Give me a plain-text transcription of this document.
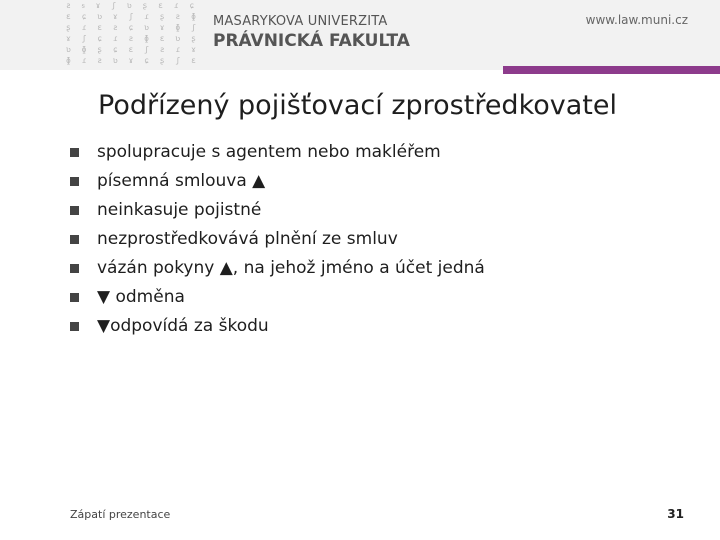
ƨ ᵴ ɤ ʃ ʋ ʂ ɛ ɾ ɕ
ɛ ɕ ʋ ɤ ʃ ɾ ʂ ƨ ɸ
ʂ ɾ ɛ ƨ ɕ ʋ ɤ ɸ ʃ
ɤ ʃ ɕ ɾ ƨ ɸ ɛ ʋ ʂ
ʋ ɸ ʂ ɕ ɛ ʃ ƨ ɾ ɤ
ɸ ɾ ƨ ʋ ɤ ɕ ʂ ʃ ɛ
MASARYKOVA UNIVERZITA
PRÁVNICKÁ FAKULTA
www.law.muni.cz
Podřízený pojišťovací zprostředkovatel
spolupracuje s agentem nebo makléřem
písemná smlouva ▲
neinkasuje pojistné
nezprostředkovává plnění ze smluv
vázán pokyny ▲, na jehož jméno a účet jedná
▼ odměna
▼odpovídá za škodu
Zápatí prezentace	31
